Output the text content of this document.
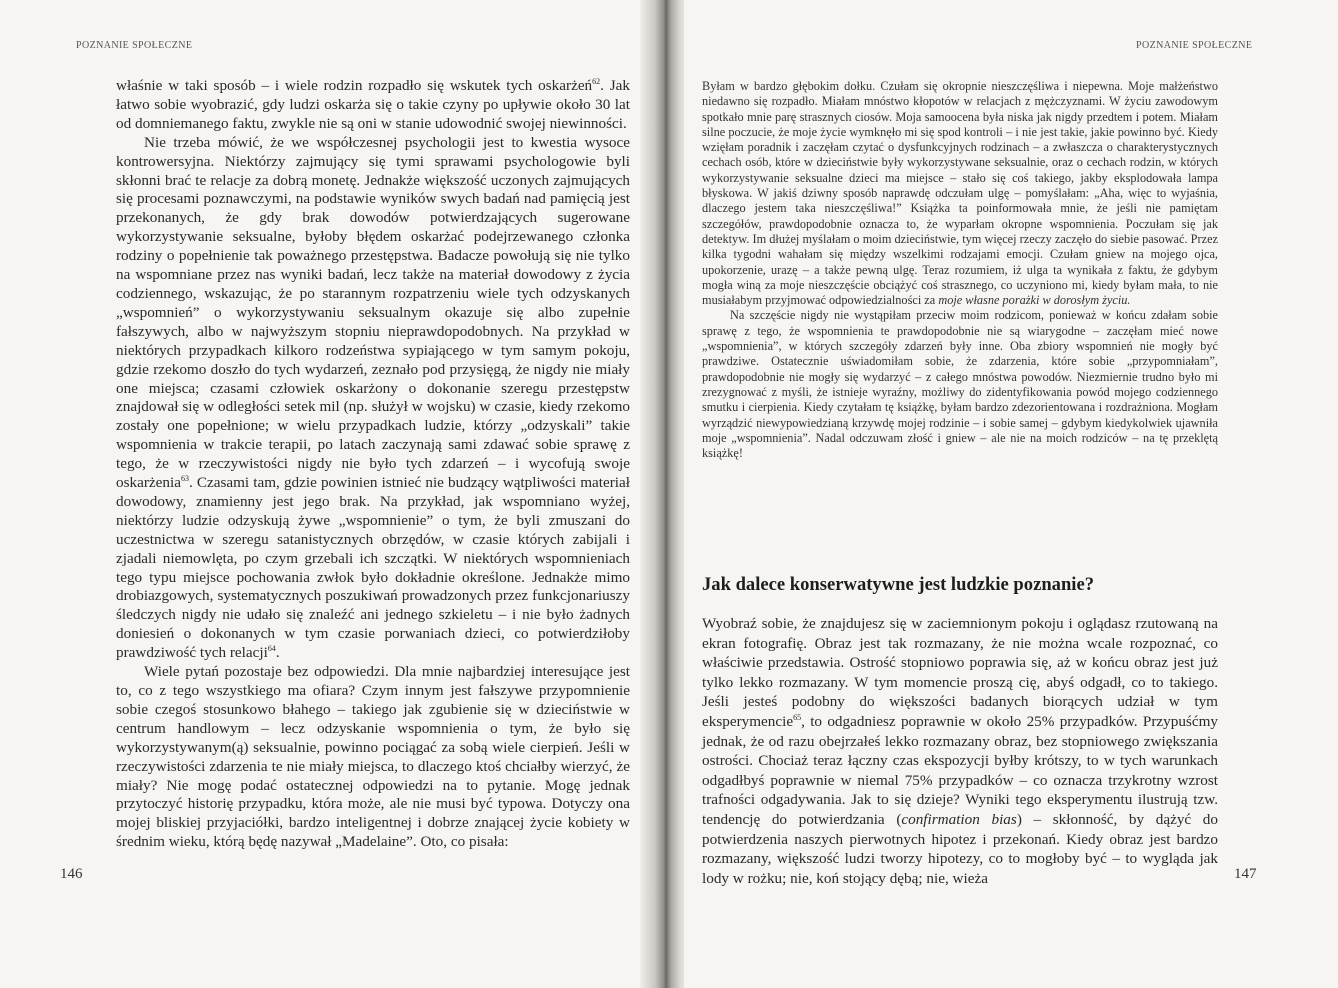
POZNANIE SPOŁECZNE

właśnie w taki sposób – i wiele rodzin rozpadło się wskutek tych oskarżeń$^{62}$. Jak łatwo sobie wyobrazić, gdy ludzi oskarża się o takie czyny po upływie około 30 lat od domniemanego faktu, zwykle nie są oni w stanie udowodnić swojej niewinności.

Nie trzeba mówić, że we współczesnej psychologii jest to kwestia wysoce kontrowersyjna. Niektórzy zajmujący się tymi sprawami psychologowie byli skłonni brać te relacje za dobrą monetę. Jednakże większość uczonych zajmujących się procesami poznawczymi, na podstawie wyników swych badań nad pamięcią jest przekonanych, że gdy brak dowodów potwierdzających sugerowane wykorzystywanie seksualne, byłoby błędem oskarżać podejrzewanego członka rodziny o popełnienie tak poważnego przestępstwa. Badacze powołują się nie tylko na wspomniane przez nas wyniki badań, lecz także na materiał dowodowy z życia codziennego, wskazując, że po starannym rozpatrzeniu wiele tych odzyskanych „wspomnień” o wykorzystywaniu seksualnym okazuje się albo zupełnie fałszywych, albo w najwyższym stopniu nieprawdopodobnych. Na przykład w niektórych przypadkach kilkoro rodzeństwa sypiającego w tym samym pokoju, gdzie rzekomo doszło do tych wydarzeń, zeznało pod przysięgą, że nigdy nie miały one miejsca; czasami człowiek oskarżony o dokonanie szeregu przestępstw znajdował się w odległości setek mil (np. służył w wojsku) w czasie, kiedy rzekomo zostały one popełnione; w wielu przypadkach ludzie, którzy „odzyskali” takie wspomnienia w trakcie terapii, po latach zaczynają sami zdawać sobie sprawę z tego, że w rzeczywistości nigdy nie było tych zdarzeń – i wycofują swoje oskarżenia$^{63}$. Czasami tam, gdzie powinien istnieć nie budzący wątpliwości materiał dowodowy, znamienny jest jego brak. Na przykład, jak wspomniano wyżej, niektórzy ludzie odzyskują żywe „wspomnienie” o tym, że byli zmuszani do uczestnictwa w szeregu satanistycznych obrzędów, w czasie których zabijali i zjadali niemowlęta, po czym grzebali ich szczątki. W niektórych wspomnieniach tego typu miejsce pochowania zwłok było dokładnie określone. Jednakże mimo drobiazgowych, systematycznych poszukiwań prowadzonych przez funkcjonariuszy śledczych nigdy nie udało się znaleźć ani jednego szkieletu – i nie było żadnych doniesień o dokonanych w tym czasie porwaniach dzieci, co potwierdziłoby prawdziwość tych relacji$^{64}$.

Wiele pytań pozostaje bez odpowiedzi. Dla mnie najbardziej interesujące jest to, co z tego wszystkiego ma ofiara? Czym innym jest fałszywe przypomnienie sobie czegoś stosunkowo błahego – takiego jak zgubienie się w dzieciństwie w centrum handlowym – lecz odzyskanie wspomnienia o tym, że było się wykorzystywanym(ą) seksualnie, powinno pociągać za sobą wiele cierpień. Jeśli w rzeczywistości zdarzenia te nie miały miejsca, to dlaczego ktoś chciałby wierzyć, że miały? Nie mogę podać ostatecznej odpowiedzi na to pytanie. Mogę jednak przytoczyć historię przypadku, która może, ale nie musi być typowa. Dotyczy ona mojej bliskiej przyjaciółki, bardzo inteligentnej i dobrze znającej życie kobiety w średnim wieku, którą będę nazywał „Madelaine”. Oto, co pisała:

146
POZNANIE SPOŁECZNE

Byłam w bardzo głębokim dołku. Czułam się okropnie nieszczęśliwa i niepewna. Moje małżeństwo niedawno się rozpadło. Miałam mnóstwo kłopotów w relacjach z mężczyznami. W życiu zawodowym spotkało mnie parę strasznych ciosów. Moja samoocena była niska jak nigdy przedtem i potem. Miałam silne poczucie, że moje życie wymknęło mi się spod kontroli – i nie jest takie, jakie powinno być. Kiedy wzięłam poradnik i zaczęłam czytać o dysfunkcyjnych rodzinach – a zwłaszcza o charakterystycznych cechach osób, które w dzieciństwie były wykorzystywane seksualnie, oraz o cechach rodzin, w których wykorzystywanie seksualne dzieci ma miejsce – stało się coś takiego, jakby eksplodowała lampa błyskowa. W jakiś dziwny sposób naprawdę odczułam ulgę – pomyślałam: „Aha, więc to wyjaśnia, dlaczego jestem taka nieszczęśliwa!” Książka ta poinformowała mnie, że jeśli nie pamiętam szczegółów, prawdopodobnie oznacza to, że wyparłam okropne wspomnienia. Poczułam się jak detektyw. Im dłużej myślałam o moim dzieciństwie, tym więcej rzeczy zaczęło do siebie pasować. Przez kilka tygodni wahałam się między wszelkimi rodzajami emocji. Czułam gniew na mojego ojca, upokorzenie, urazę – a także pewną ulgę. Teraz rozumiem, iż ulga ta wynikała z faktu, że gdybym mogła winą za moje nieszczęście obciążyć coś strasznego, co uczyniono mi, kiedy byłam mała, to nie musiałabym przyjmować odpowiedzialności za moje własne porażki w dorosłym życiu.

Na szczęście nigdy nie wystąpiłam przeciw moim rodzicom, ponieważ w końcu zdałam sobie sprawę z tego, że wspomnienia te prawdopodobnie nie są wiarygodne – zaczęłam mieć nowe „wspomnienia”, w których szczegóły zdarzeń były inne. Oba zbiory wspomnień nie mogły być prawdziwe. Ostatecznie uświadomiłam sobie, że zdarzenia, które sobie „przypomniałam”, prawdopodobnie nie mogły się wydarzyć – z całego mnóstwa powodów. Niezmiernie trudno było mi zrezygnować z myśli, że istnieje wyraźny, możliwy do zidentyfikowania powód mojego codziennego smutku i cierpienia. Kiedy czytałam tę książkę, byłam bardzo zdezorientowana i rozdrażniona. Mogłam wyrządzić niewypowiedzianą krzywdę mojej rodzinie – i sobie samej – gdybym kiedykolwiek ujawniła moje „wspomnienia”. Nadal odczuwam złość i gniew – ale nie na moich rodziców – na tę przeklętą książkę!

Jak dalece konserwatywne jest ludzkie poznanie?

Wyobraź sobie, że znajdujesz się w zaciemnionym pokoju i oglądasz rzutowaną na ekran fotografię. Obraz jest tak rozmazany, że nie można wcale rozpoznać, co właściwie przedstawia. Ostrość stopniowo poprawia się, aż w końcu obraz jest już tylko lekko rozmazany. W tym momencie proszą cię, abyś odgadł, co to takiego. Jeśli jesteś podobny do większości badanych biorących udział w tym eksperymencie$^{65}$, to odgadniesz poprawnie w około 25% przypadków. Przypuśćmy jednak, że od razu obejrzałeś lekko rozmazany obraz, bez stopniowego zwiększania ostrości. Chociaż teraz łączny czas ekspozycji byłby krótszy, to w tych warunkach odgadłbyś poprawnie w niemal 75% przypadków – co oznacza trzykrotny wzrost trafności odgadywania. Jak to się dzieje? Wyniki tego eksperymentu ilustrują tzw. tendencję do potwierdzania (confirmation bias) – skłonność, by dążyć do potwierdzenia naszych pierwotnych hipotez i przekonań. Kiedy obraz jest bardzo rozmazany, większość ludzi tworzy hipotezy, co to mogłoby być – to wygląda jak lody w rożku; nie, koń stojący dębą; nie, wieża	147
